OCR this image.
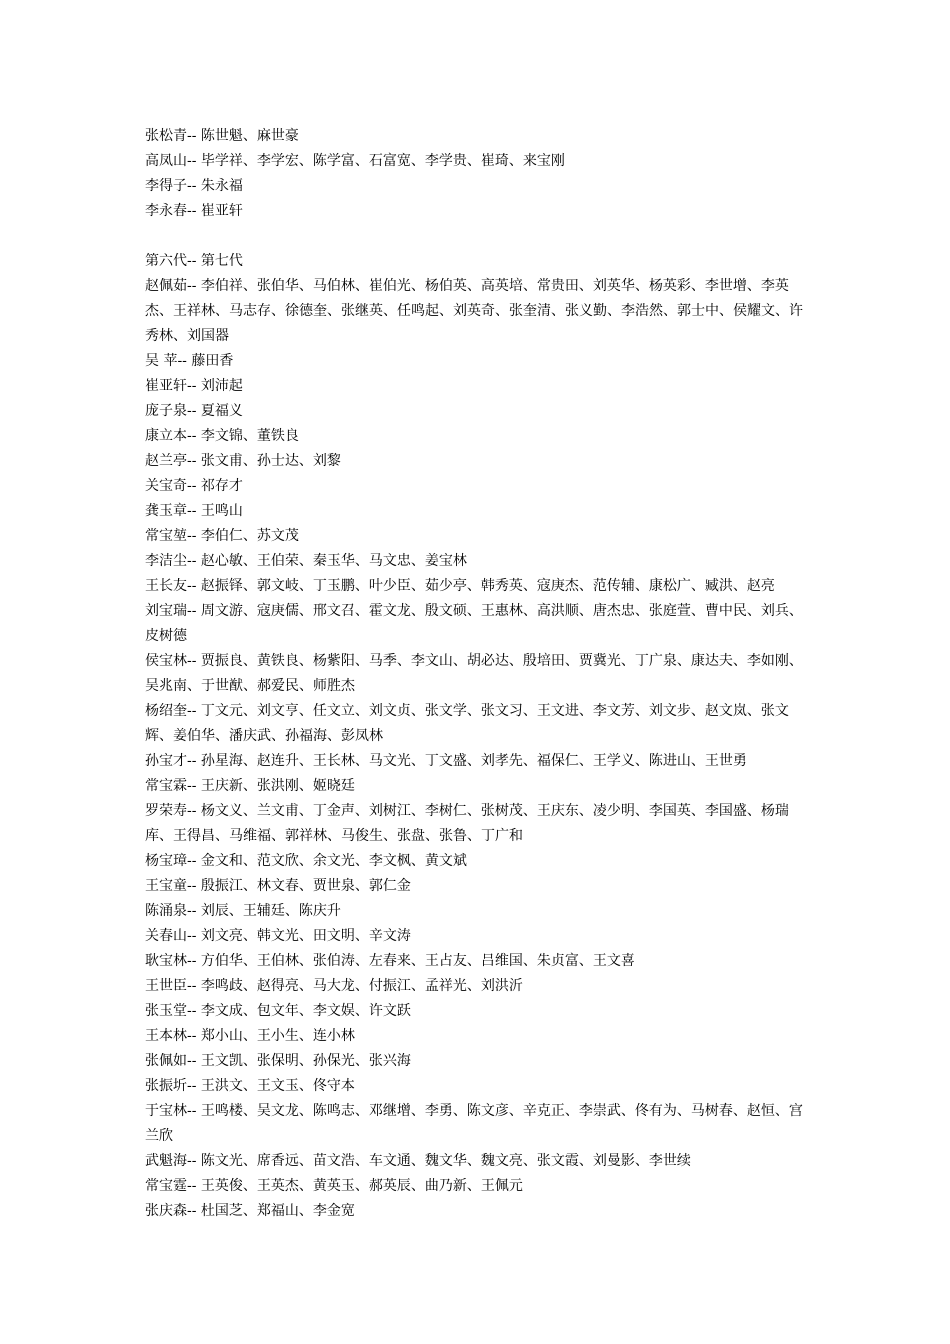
张松青-- 陈世魁、麻世豪

高凤山-- 毕学祥、李学宏、陈学富、石富宽、李学贵、崔琦、来宝刚

李得子-- 朱永福

李永春-- 崔亚轩

第六代-- 第七代

赵佩茹-- 李伯祥、张伯华、马伯林、崔伯光、杨伯英、高英培、常贵田、刘英华、杨英彩、李世增、李英杰、王祥林、马志存、徐德奎、张继英、任鸣起、刘英奇、张奎清、张义勤、李浩然、郭士中、侯耀文、许秀林、刘国器

吴 苹-- 藤田香

崔亚轩-- 刘沛起

庞子泉-- 夏福义

康立本-- 李文锦、董铁良

赵兰亭-- 张文甫、孙士达、刘黎

关宝奇-- 祁存才

龚玉章-- 王鸣山

常宝堃-- 李伯仁、苏文茂

李洁尘-- 赵心敏、王伯荣、秦玉华、马文忠、姜宝林

王长友-- 赵振铎、郭文岐、丁玉鹏、叶少臣、茹少亭、韩秀英、寇庚杰、范传辅、康松广、臧洪、赵亮

刘宝瑞-- 周文游、寇庚儒、邢文召、霍文龙、殷文硕、王惠林、高洪顺、唐杰忠、张庭萱、曹中民、刘兵、皮树德

侯宝林-- 贾振良、黄铁良、杨紫阳、马季、李文山、胡必达、殷培田、贾冀光、丁广泉、康达夫、李如刚、吴兆南、于世猷、郝爱民、师胜杰

杨绍奎-- 丁文元、刘文亨、任文立、刘文贞、张文学、张文习、王文进、李文芳、刘文步、赵文岚、张文辉、姜伯华、潘庆武、孙福海、彭凤林

孙宝才-- 孙星海、赵连升、王长林、马文光、丁文盛、刘孝先、福保仁、王学义、陈进山、王世勇

常宝霖-- 王庆新、张洪刚、姬晓廷

罗荣寿-- 杨文义、兰文甫、丁金声、刘树江、李树仁、张树茂、王庆东、凌少明、李国英、李国盛、杨瑞库、王得昌、马维福、郭祥林、马俊生、张盘、张鲁、丁广和

杨宝璋-- 金文和、范文欣、余文光、李文枫、黄文斌

王宝童-- 殷振江、林文春、贾世泉、郭仁金

陈涌泉-- 刘辰、王辅廷、陈庆升

关春山-- 刘文亮、韩文光、田文明、辛文涛

耿宝林-- 方伯华、王伯林、张伯涛、左春来、王占友、吕维国、朱贞富、王文喜

王世臣-- 李鸣歧、赵得亮、马大龙、付振江、孟祥光、刘洪沂

张玉堂-- 李文成、包文年、李文娱、许文跃

王本林-- 郑小山、王小生、连小林

张佩如-- 王文凯、张保明、孙保光、张兴海

张振圻-- 王洪文、王文玉、佟守本

于宝林-- 王鸣楼、吴文龙、陈鸣志、邓继增、李勇、陈文彦、辛克正、李崇武、佟有为、马树春、赵恒、宫兰欣

武魁海-- 陈文光、席香远、苗文浩、车文通、魏文华、魏文亮、张文霞、刘曼影、李世续

常宝霆-- 王英俊、王英杰、黄英玉、郝英辰、曲乃新、王佩元

张庆森-- 杜国芝、郑福山、李金宽
